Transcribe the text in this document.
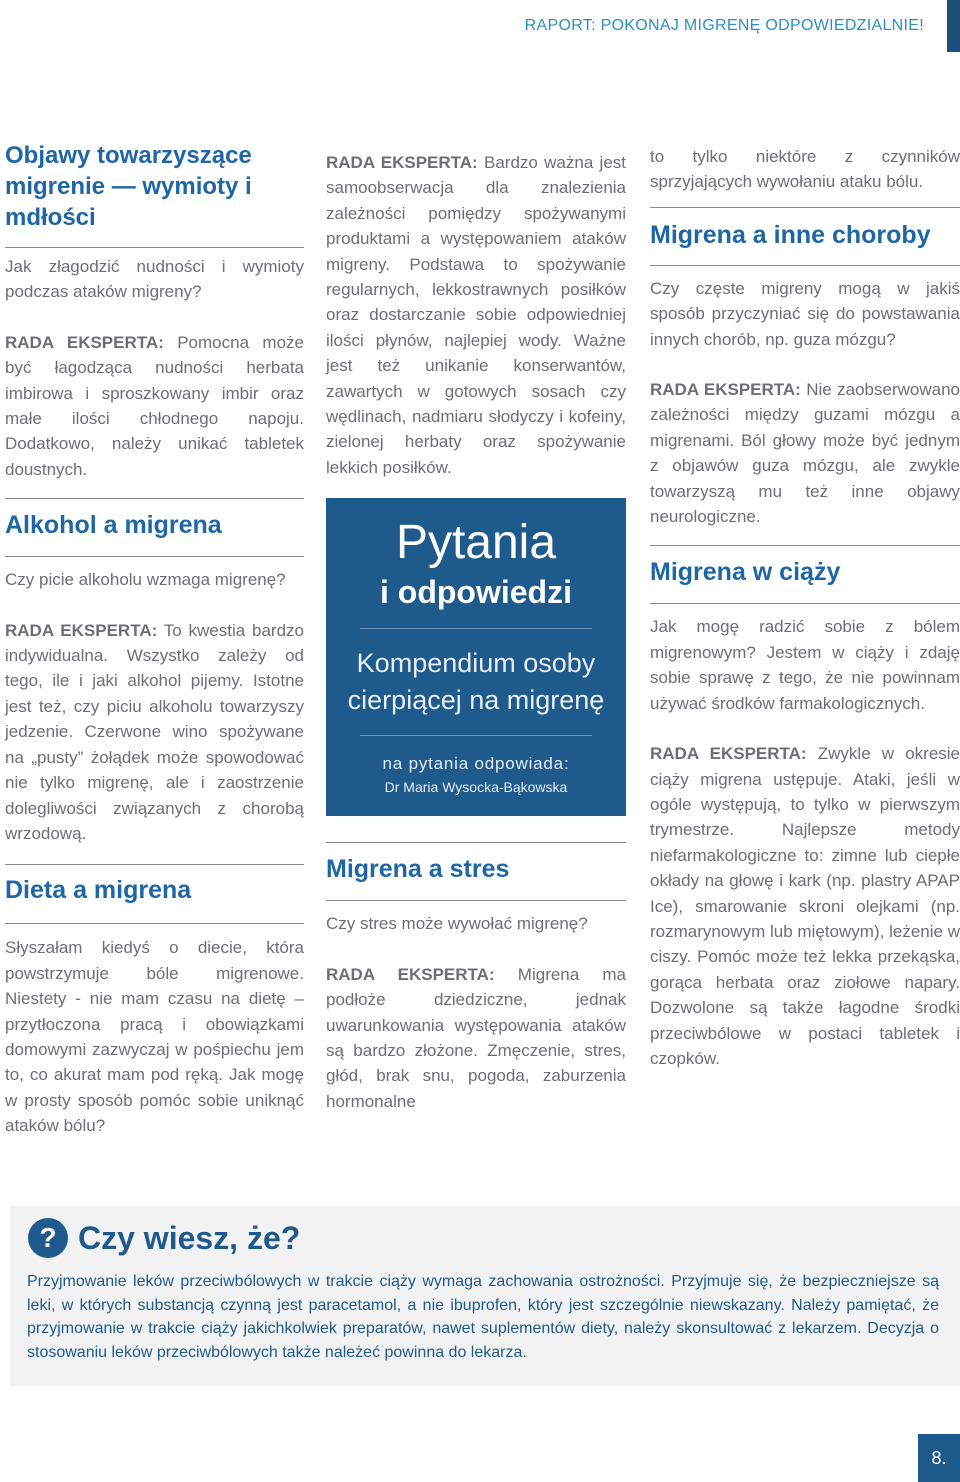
RAPORT: POKONAJ MIGRENĘ ODPOWIEDZIALNIE!
Objawy towarzyszące migrenie — wymioty i mdłości

Jak złagodzić nudności i wymioty podczas ataków migreny?

RADA EKSPERTA: Pomocna może być łagodząca nudności herbata imbirowa i sproszkowany imbir oraz małe ilości chłodnego napoju. Dodatkowo, należy unikać tabletek doustnych.

Alkohol a migrena

Czy picie alkoholu wzmaga migrenę?

RADA EKSPERTA: To kwestia bardzo indywidualna. Wszystko zależy od tego, ile i jaki alkohol pijemy. Istotne jest też, czy piciu alkoholu towarzyszy jedzenie. Czerwone wino spożywane na „pusty” żołądek może spowodować nie tylko migrenę, ale i zaostrzenie dolegliwości związanych z chorobą wrzodową.

Dieta a migrena

Słyszałam kiedyś o diecie, która powstrzymuje bóle migrenowe. Niestety - nie mam czasu na dietę – przytłoczona pracą i obowiązkami domowymi zazwyczaj w pośpiechu jem to, co akurat mam pod ręką. Jak mogę w prosty sposób pomóc sobie uniknąć ataków bólu?

RADA EKSPERTA: Bardzo ważna jest samoobserwacja dla znalezienia zależności pomiędzy spożywanymi produktami a występowaniem ataków migreny. Podstawa to spożywanie regularnych, lekkostrawnych posiłków oraz dostarczanie sobie odpowiedniej ilości płynów, najlepiej wody. Ważne jest też unikanie konserwantów, zawartych w gotowych sosach czy wędlinach, nadmiaru słodyczy i kofeiny, zielonej herbaty oraz spożywanie lekkich posiłków.

Pytania
i odpowiedzi
Kompendium osoby cierpiącej na migrenę
na pytania odpowiada:
Dr Maria Wysocka-Bąkowska
Migrena a stres

Czy stres może wywołać migrenę?

RADA EKSPERTA: Migrena ma podłoże dziedziczne, jednak uwarunkowania występowania ataków są bardzo złożone. Zmęczenie, stres, głód, brak snu, pogoda, zaburzenia hormonalne

to tylko niektóre z czynników sprzyjających wywołaniu ataku bólu.

Migrena a inne choroby

Czy częste migreny mogą w jakiś sposób przyczyniać się do powstawania innych chorób, np. guza mózgu?

RADA EKSPERTA: Nie zaobserwowano zależności między guzami mózgu a migrenami. Ból głowy może być jednym z objawów guza mózgu, ale zwykle towarzyszą mu też inne objawy neurologiczne.

Migrena w ciąży

Jak mogę radzić sobie z bólem migrenowym? Jestem w ciąży i zdaję sobie sprawę z tego, że nie powinnam używać środków farmakologicznych.

RADA EKSPERTA: Zwykle w okresie ciąży migrena ustępuje. Ataki, jeśli w ogóle występują, to tylko w pierwszym trymestrze. Najlepsze metody niefarmakologiczne to: zimne lub ciepłe okłady na głowę i kark (np. plastry APAP Ice), smarowanie skroni olejkami (np. rozmarynowym lub miętowym), leżenie w ciszy. Pomóc może też lekka przekąska, gorąca herbata oraz ziołowe napary. Dozwolone są także łagodne środki przeciwbólowe w postaci tabletek i czopków.

? Czy wiesz, że?
Przyjmowanie leków przeciwbólowych w trakcie ciąży wymaga zachowania ostrożności. Przyjmuje się, że bezpieczniejsze są leki, w których substancją czynną jest paracetamol, a nie ibuprofen, który jest szczególnie niewskazany. Należy pamiętać, że przyjmowanie w trakcie ciąży jakichkolwiek preparatów, nawet suplementów diety, należy skonsultować z lekarzem. Decyzja o stosowaniu leków przeciwbólowych także należeć powinna do lekarza.
8.
